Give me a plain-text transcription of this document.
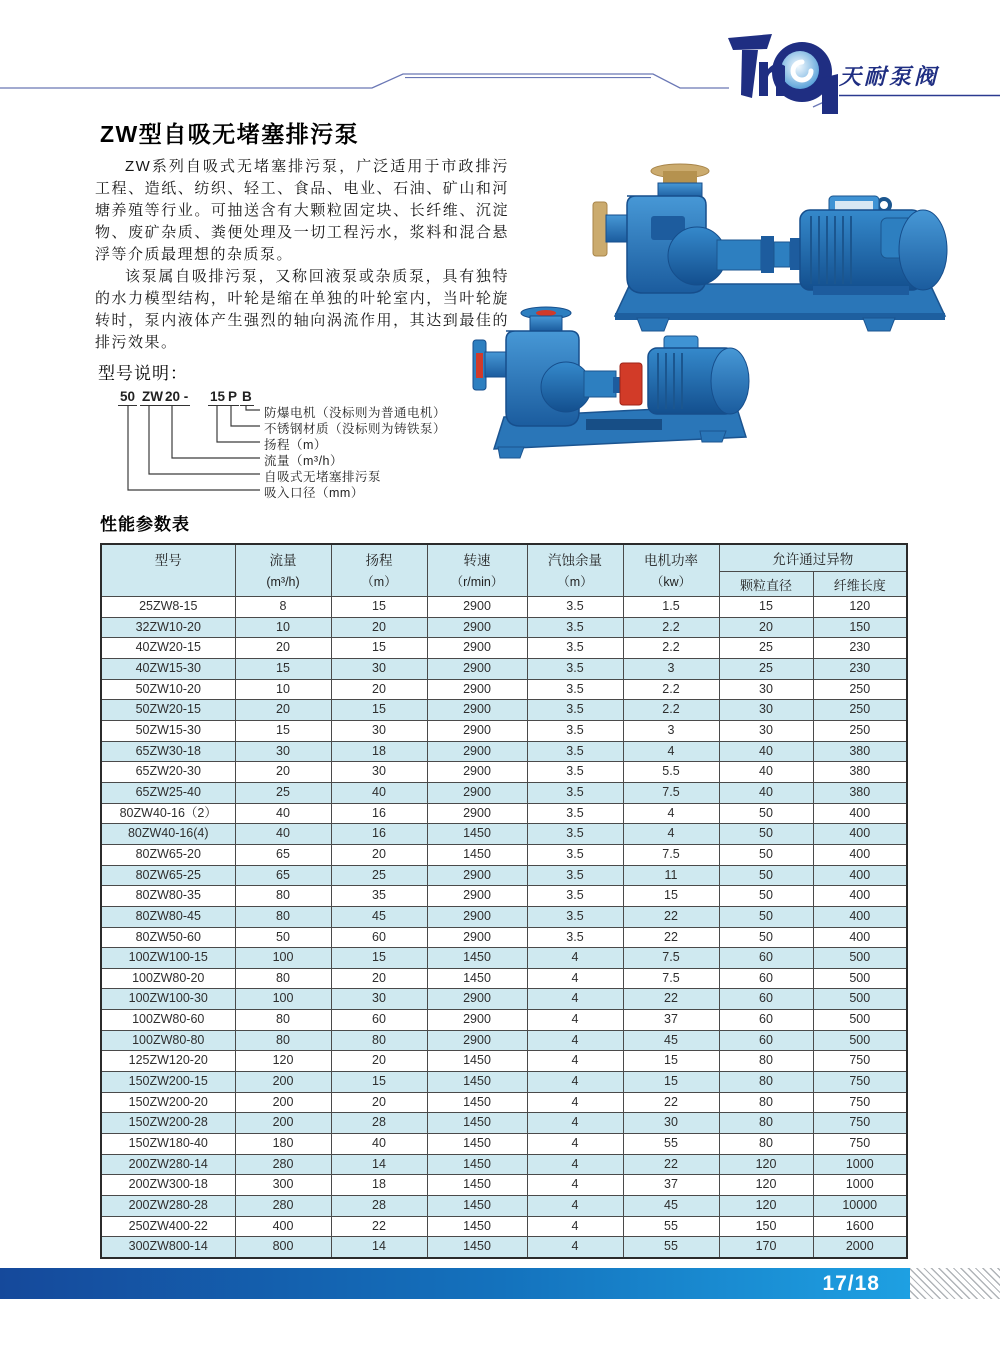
天耐泵阀
ZW型自吸无堵塞排污泵

ZW系列自吸式无堵塞排污泵，广泛适用于市政排污工程、造纸、纺织、轻工、食品、电业、石油、矿山和河塘养殖等行业。可抽送含有大颗粒固定块、长纤维、沉淀物、废矿杂质、粪便处理及一切工程污水，浆料和混合悬浮等介质最理想的杂质泵。

该泵属自吸排污泵，又称回液泵或杂质泵，具有独特的水力模型结构，叶轮是缩在单独的叶轮室内，当叶轮旋转时，泵内液体产生强烈的轴向涡流作用，其达到最佳的排污效果。

型号说明：
50 ZW 20 - 15 P B
防爆电机（没标则为普通电机）
不锈钢材质（没标则为铸铁泵）
扬程（m）
流量（m³/h）
自吸式无堵塞排污泵
吸入口径（mm）
性能参数表
型号	流量
(m³/h)

扬程
（m）

转速
（r/min）

汽蚀余量
（m）

电机功率
（kw）
	允许通过异物
						颗粒直径	纤维长度
25ZW8-15	8	15	2900	3.5	1.5	15	120
32ZW10-20	10	20	2900	3.5	2.2	20	150
40ZW20-15	20	15	2900	3.5	2.2	25	230
40ZW15-30	15	30	2900	3.5	3	25	230
50ZW10-20	10	20	2900	3.5	2.2	30	250
50ZW20-15	20	15	2900	3.5	2.2	30	250
50ZW15-30	15	30	2900	3.5	3	30	250
65ZW30-18	30	18	2900	3.5	4	40	380
65ZW20-30	20	30	2900	3.5	5.5	40	380
65ZW25-40	25	40	2900	3.5	7.5	40	380
80ZW40-16（2）	40	16	2900	3.5	4	50	400
80ZW40-16(4)	40	16	1450	3.5	4	50	400
80ZW65-20	65	20	1450	3.5	7.5	50	400
80ZW65-25	65	25	2900	3.5	11	50	400
80ZW80-35	80	35	2900	3.5	15	50	400
80ZW80-45	80	45	2900	3.5	22	50	400
80ZW50-60	50	60	2900	3.5	22	50	400
100ZW100-15	100	15	1450	4	7.5	60	500
100ZW80-20	80	20	1450	4	7.5	60	500
100ZW100-30	100	30	2900	4	22	60	500
100ZW80-60	80	60	2900	4	37	60	500
100ZW80-80	80	80	2900	4	45	60	500
125ZW120-20	120	20	1450	4	15	80	750
150ZW200-15	200	15	1450	4	15	80	750
150ZW200-20	200	20	1450	4	22	80	750
150ZW200-28	200	28	1450	4	30	80	750
150ZW180-40	180	40	1450	4	55	80	750
200ZW280-14	280	14	1450	4	22	120	1000
200ZW300-18	300	18	1450	4	37	120	1000
200ZW280-28	280	28	1450	4	45	120	10000
250ZW400-22	400	22	1450	4	55	150	1600
300ZW800-14	800	14	1450	4	55	170	2000
17/18
